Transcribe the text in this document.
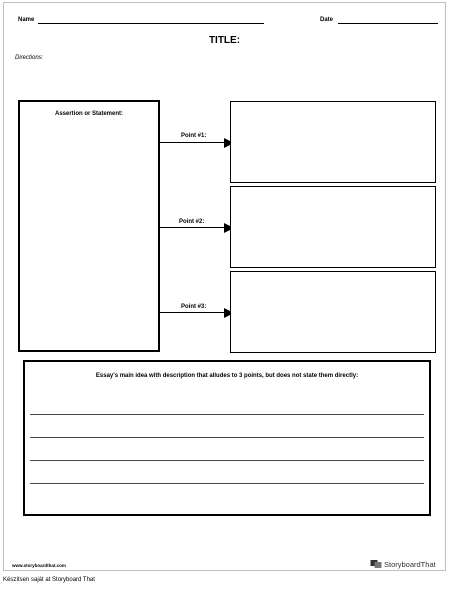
Name	Date
TITLE:
Directions:
Assertion or Statement:
Point #1:
Point #2:
Point #3:
Essay's main idea with description that alludes to 3 points, but does not state them directly:
www.storyboardthat.com	StoryboardThat
Készítsen saját at Storyboard That
